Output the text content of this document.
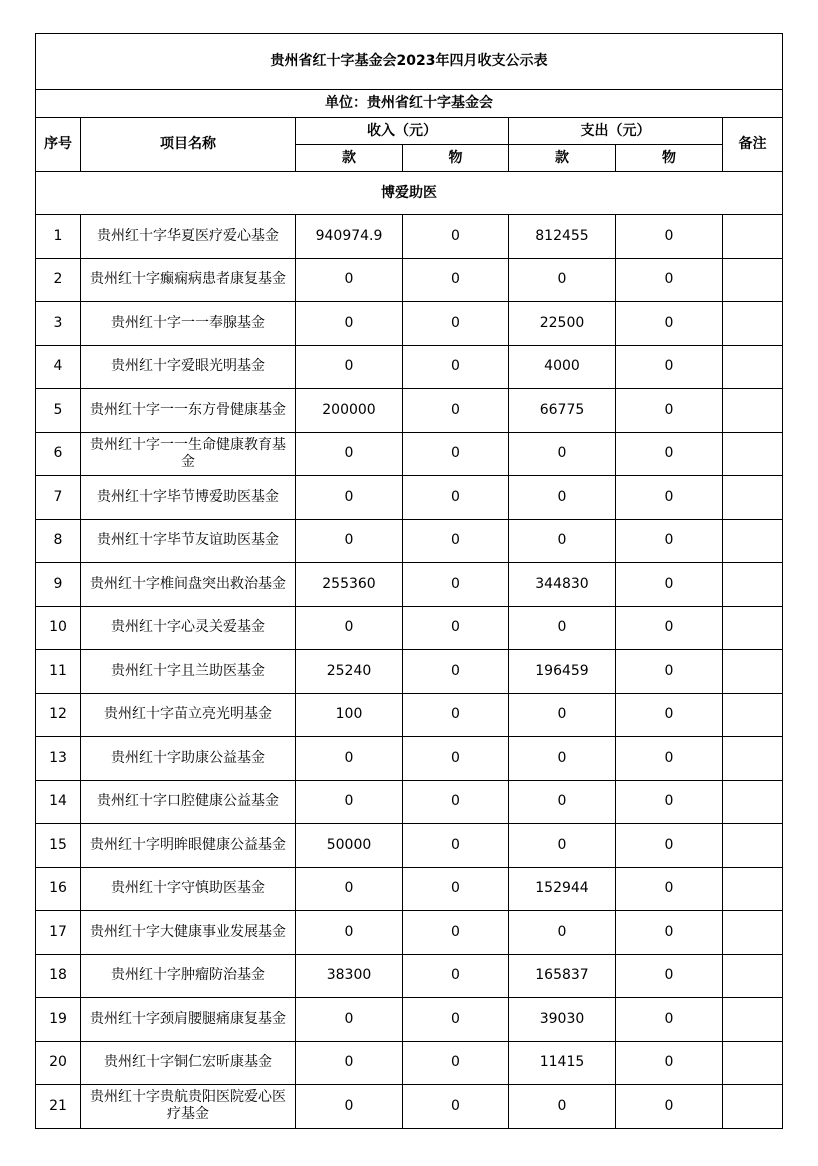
贵州省红十字基金会2023年四月收支公示表						
单位：贵州省红十字基金会						
序号	项目名称	收入（元）		支出（元）		备注
		款	物	款	物	
博爱助医						
1	贵州红十字华夏医疗爱心基金	940974.9	0	812455	0	
2	贵州红十字癫痫病患者康复基金	0	0	0	0	
3	贵州红十字一一奉腺基金	0	0	22500	0	
4	贵州红十字爱眼光明基金	0	0	4000	0	
5	贵州红十字一一东方骨健康基金	200000	0	66775	0	
6	贵州红十字一一生命健康教育基金	0	0	0	0	
7	贵州红十字毕节博爱助医基金	0	0	0	0	
8	贵州红十字毕节友谊助医基金	0	0	0	0	
9	贵州红十字椎间盘突出救治基金	255360	0	344830	0	
10	贵州红十字心灵关爱基金	0	0	0	0	
11	贵州红十字且兰助医基金	25240	0	196459	0	
12	贵州红十字苗立亮光明基金	100	0	0	0	
13	贵州红十字助康公益基金	0	0	0	0	
14	贵州红十字口腔健康公益基金	0	0	0	0	
15	贵州红十字明眸眼健康公益基金	50000	0	0	0	
16	贵州红十字守慎助医基金	0	0	152944	0	
17	贵州红十字大健康事业发展基金	0	0	0	0	
18	贵州红十字肿瘤防治基金	38300	0	165837	0	
19	贵州红十字颈肩腰腿痛康复基金	0	0	39030	0	
20	贵州红十字铜仁宏昕康基金	0	0	11415	0	
21	贵州红十字贵航贵阳医院爱心医疗基金	0	0	0	0	
